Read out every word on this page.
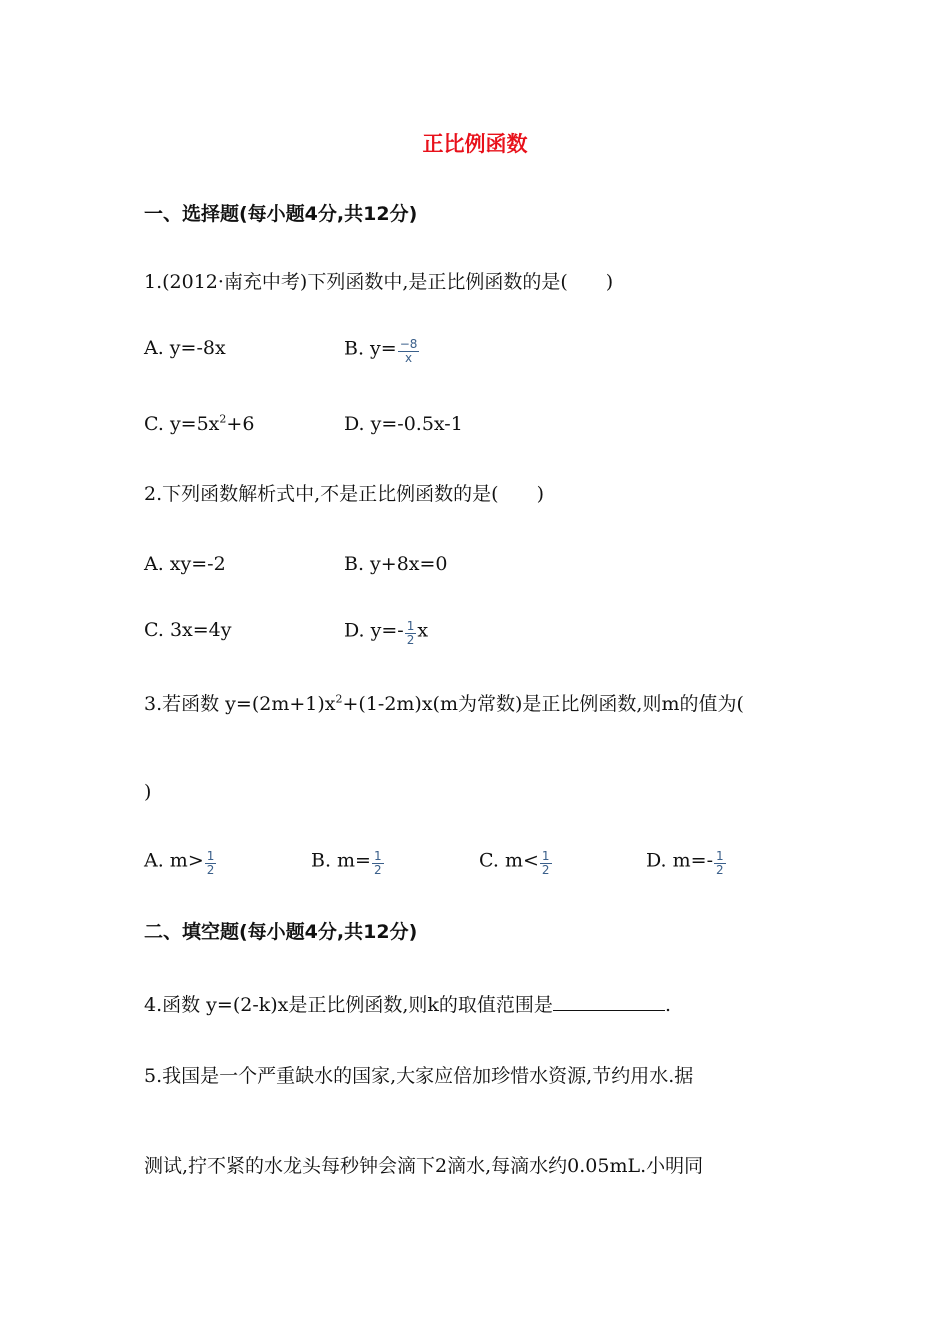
正比例函数
一、选择题(每小题4分,共12分)
1.(2012·南充中考)下列函数中,是正比例函数的是(　　)
A. y=-8x	B. $y= \frac{-8}{x}$
C. $y=5x^2+6$	D. y=-0.5x-1
2.下列函数解析式中,不是正比例函数的是(　　)
A. xy=-2	B. y+8x=0
C. 3x=4y	D. $y=- \frac{1}{2}$ x
3.若函数 $y=(2m+1)x^2+(1-2m)x(m$为常数)是正比例函数,则m的值为(
)
A. $m> \frac{1}{2}$	B. $m= \frac{1}{2}$	C. $m< \frac{1}{2}$	D. $m=- \frac{1}{2}$
二、填空题(每小题4分,共12分)
4.函数 y=(2-k)x是正比例函数,则k的取值范围是	.
5.我国是一个严重缺水的国家,大家应倍加珍惜水资源,节约用水.据
测试,拧不紧的水龙头每秒钟会滴下2滴水,每滴水约0.05mL.小明同
